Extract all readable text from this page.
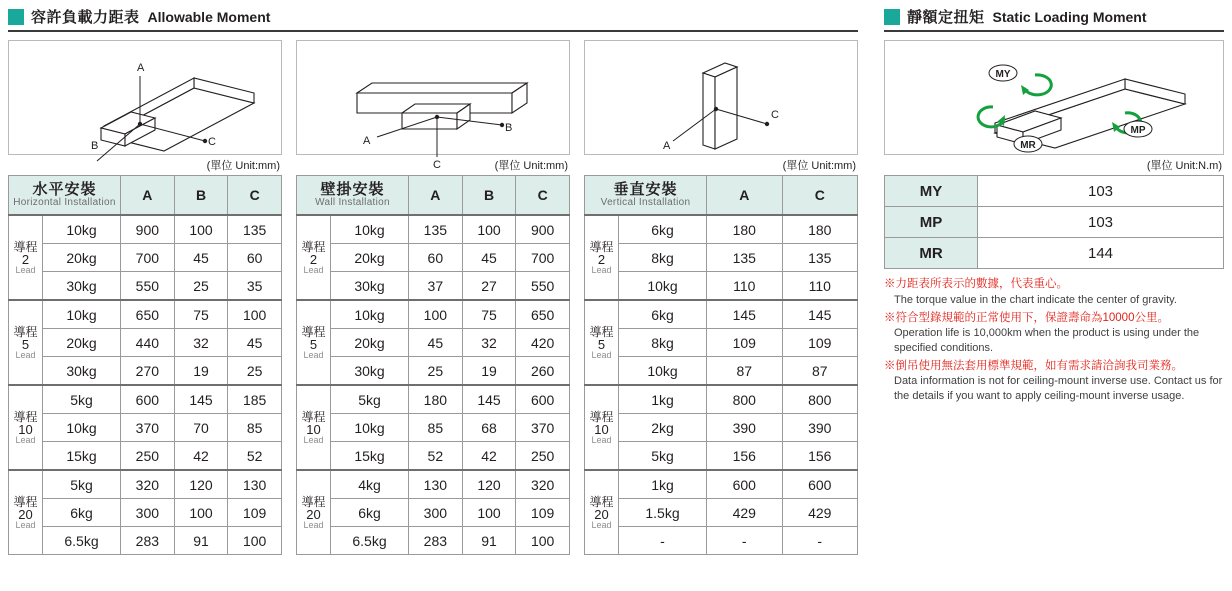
容許負載力距表 Allowable Moment
A
C
B
(單位 Unit:mm)
水平安裝
Horizontal Installation		A	B	C

導程
2
Lead	10kg	900	100	135
	20kg	700	45	60
	30kg	550	25	35

導程
5
Lead	10kg	650	75	100
	20kg	440	32	45
	30kg	270	19	25

導程
10
Lead	5kg	600	145	185
	10kg	370	70	85
	15kg	250	42	52

導程
20
Lead	5kg	320	120	130
	6kg	300	100	109
	6.5kg	283	91	100
A
B
C	(單位 Unit:mm)
壁掛安裝
Wall Installation		A	B	C

導程
2
Lead	10kg	135	100	900
	20kg	60	45	700
	30kg	37	27	550

導程
5
Lead	10kg	100	75	650
	20kg	45	32	420
	30kg	25	19	260

導程
10
Lead	5kg	180	145	600
	10kg	85	68	370
	15kg	52	42	250

導程
20
Lead	4kg	130	120	320
	6kg	300	100	109
	6.5kg	283	91	100
A
C
(單位 Unit:mm)
垂直安裝
Vertical Installation		A	C

導程
2
Lead	6kg	180	180
	8kg	135	135
	10kg	110	110

導程
5
Lead	6kg	145	145
	8kg	109	109
	10kg	87	87

導程
10
Lead	1kg	800	800
	2kg	390	390
	5kg	156	156

導程
20
Lead	1kg	600	600
	1.5kg	429	429
	-	-	-
靜額定扭矩 Static Loading Moment
MY
MP
MR
(單位 Unit:N.m)
MY	103
MP	103
MR	144
※力距表所表示的數據，代表重心。
The torque value in the chart indicate the center of gravity.
※符合型錄規範的正常使用下，保證壽命為10000公里。
Operation life is 10,000km when the product is using under the specified conditions.
※倒吊使用無法套用標準規範，如有需求請洽詢我司業務。
Data information is not for ceiling-mount inverse use. Contact us for the details if you want to apply ceiling-mount inverse usage.
